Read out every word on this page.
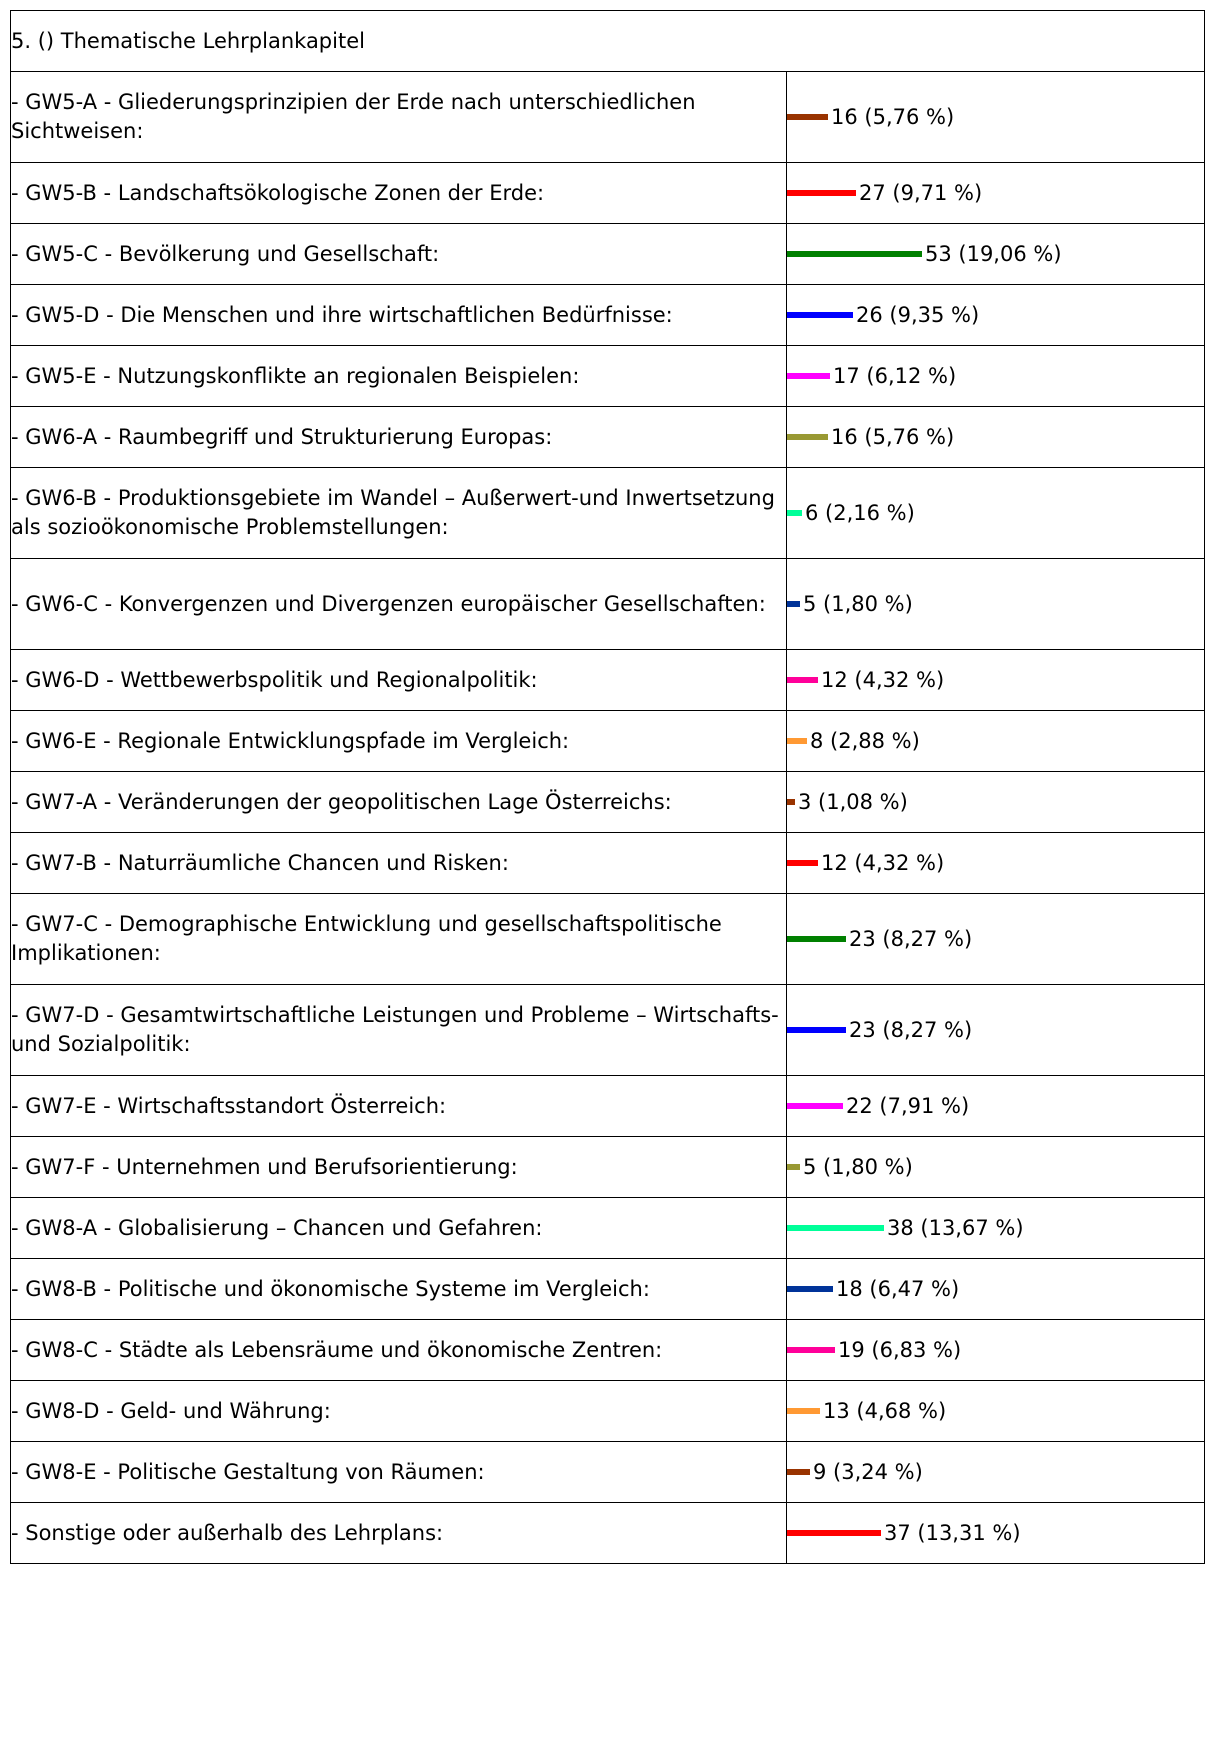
5. () Thematische Lehrplankapitel	
- GW5-A - Gliederungsprinzipien der Erde nach unterschiedlichen Sichtweisen:	16 (5,76 %)
- GW5-B - Landschaftsökologische Zonen der Erde:	27 (9,71 %)
- GW5-C - Bevölkerung und Gesellschaft:	53 (19,06 %)
- GW5-D - Die Menschen und ihre wirtschaftlichen Bedürfnisse:	26 (9,35 %)
- GW5-E - Nutzungskonflikte an regionalen Beispielen:	17 (6,12 %)
- GW6-A - Raumbegriff und Strukturierung Europas:	16 (5,76 %)
- GW6-B - Produktionsgebiete im Wandel – Außerwert-und Inwertsetzung als sozioökonomische Problemstellungen:	6 (2,16 %)
- GW6-C - Konvergenzen und Divergenzen europäischer Gesellschaften:	5 (1,80 %)
- GW6-D - Wettbewerbspolitik und Regionalpolitik:	12 (4,32 %)
- GW6-E - Regionale Entwicklungspfade im Vergleich:	8 (2,88 %)
- GW7-A - Veränderungen der geopolitischen Lage Österreichs:	3 (1,08 %)
- GW7-B - Naturräumliche Chancen und Risken:	12 (4,32 %)
- GW7-C - Demographische Entwicklung und gesellschaftspolitische Implikationen:	23 (8,27 %)
- GW7-D - Gesamtwirtschaftliche Leistungen und Probleme – Wirtschafts-und Sozialpolitik:	23 (8,27 %)
- GW7-E - Wirtschaftsstandort Österreich:	22 (7,91 %)
- GW7-F - Unternehmen und Berufsorientierung:	5 (1,80 %)
- GW8-A - Globalisierung – Chancen und Gefahren:	38 (13,67 %)
- GW8-B - Politische und ökonomische Systeme im Vergleich:	18 (6,47 %)
- GW8-C - Städte als Lebensräume und ökonomische Zentren:	19 (6,83 %)
- GW8-D - Geld- und Währung:	13 (4,68 %)
- GW8-E - Politische Gestaltung von Räumen:	9 (3,24 %)
- Sonstige oder außerhalb des Lehrplans:	37 (13,31 %)
